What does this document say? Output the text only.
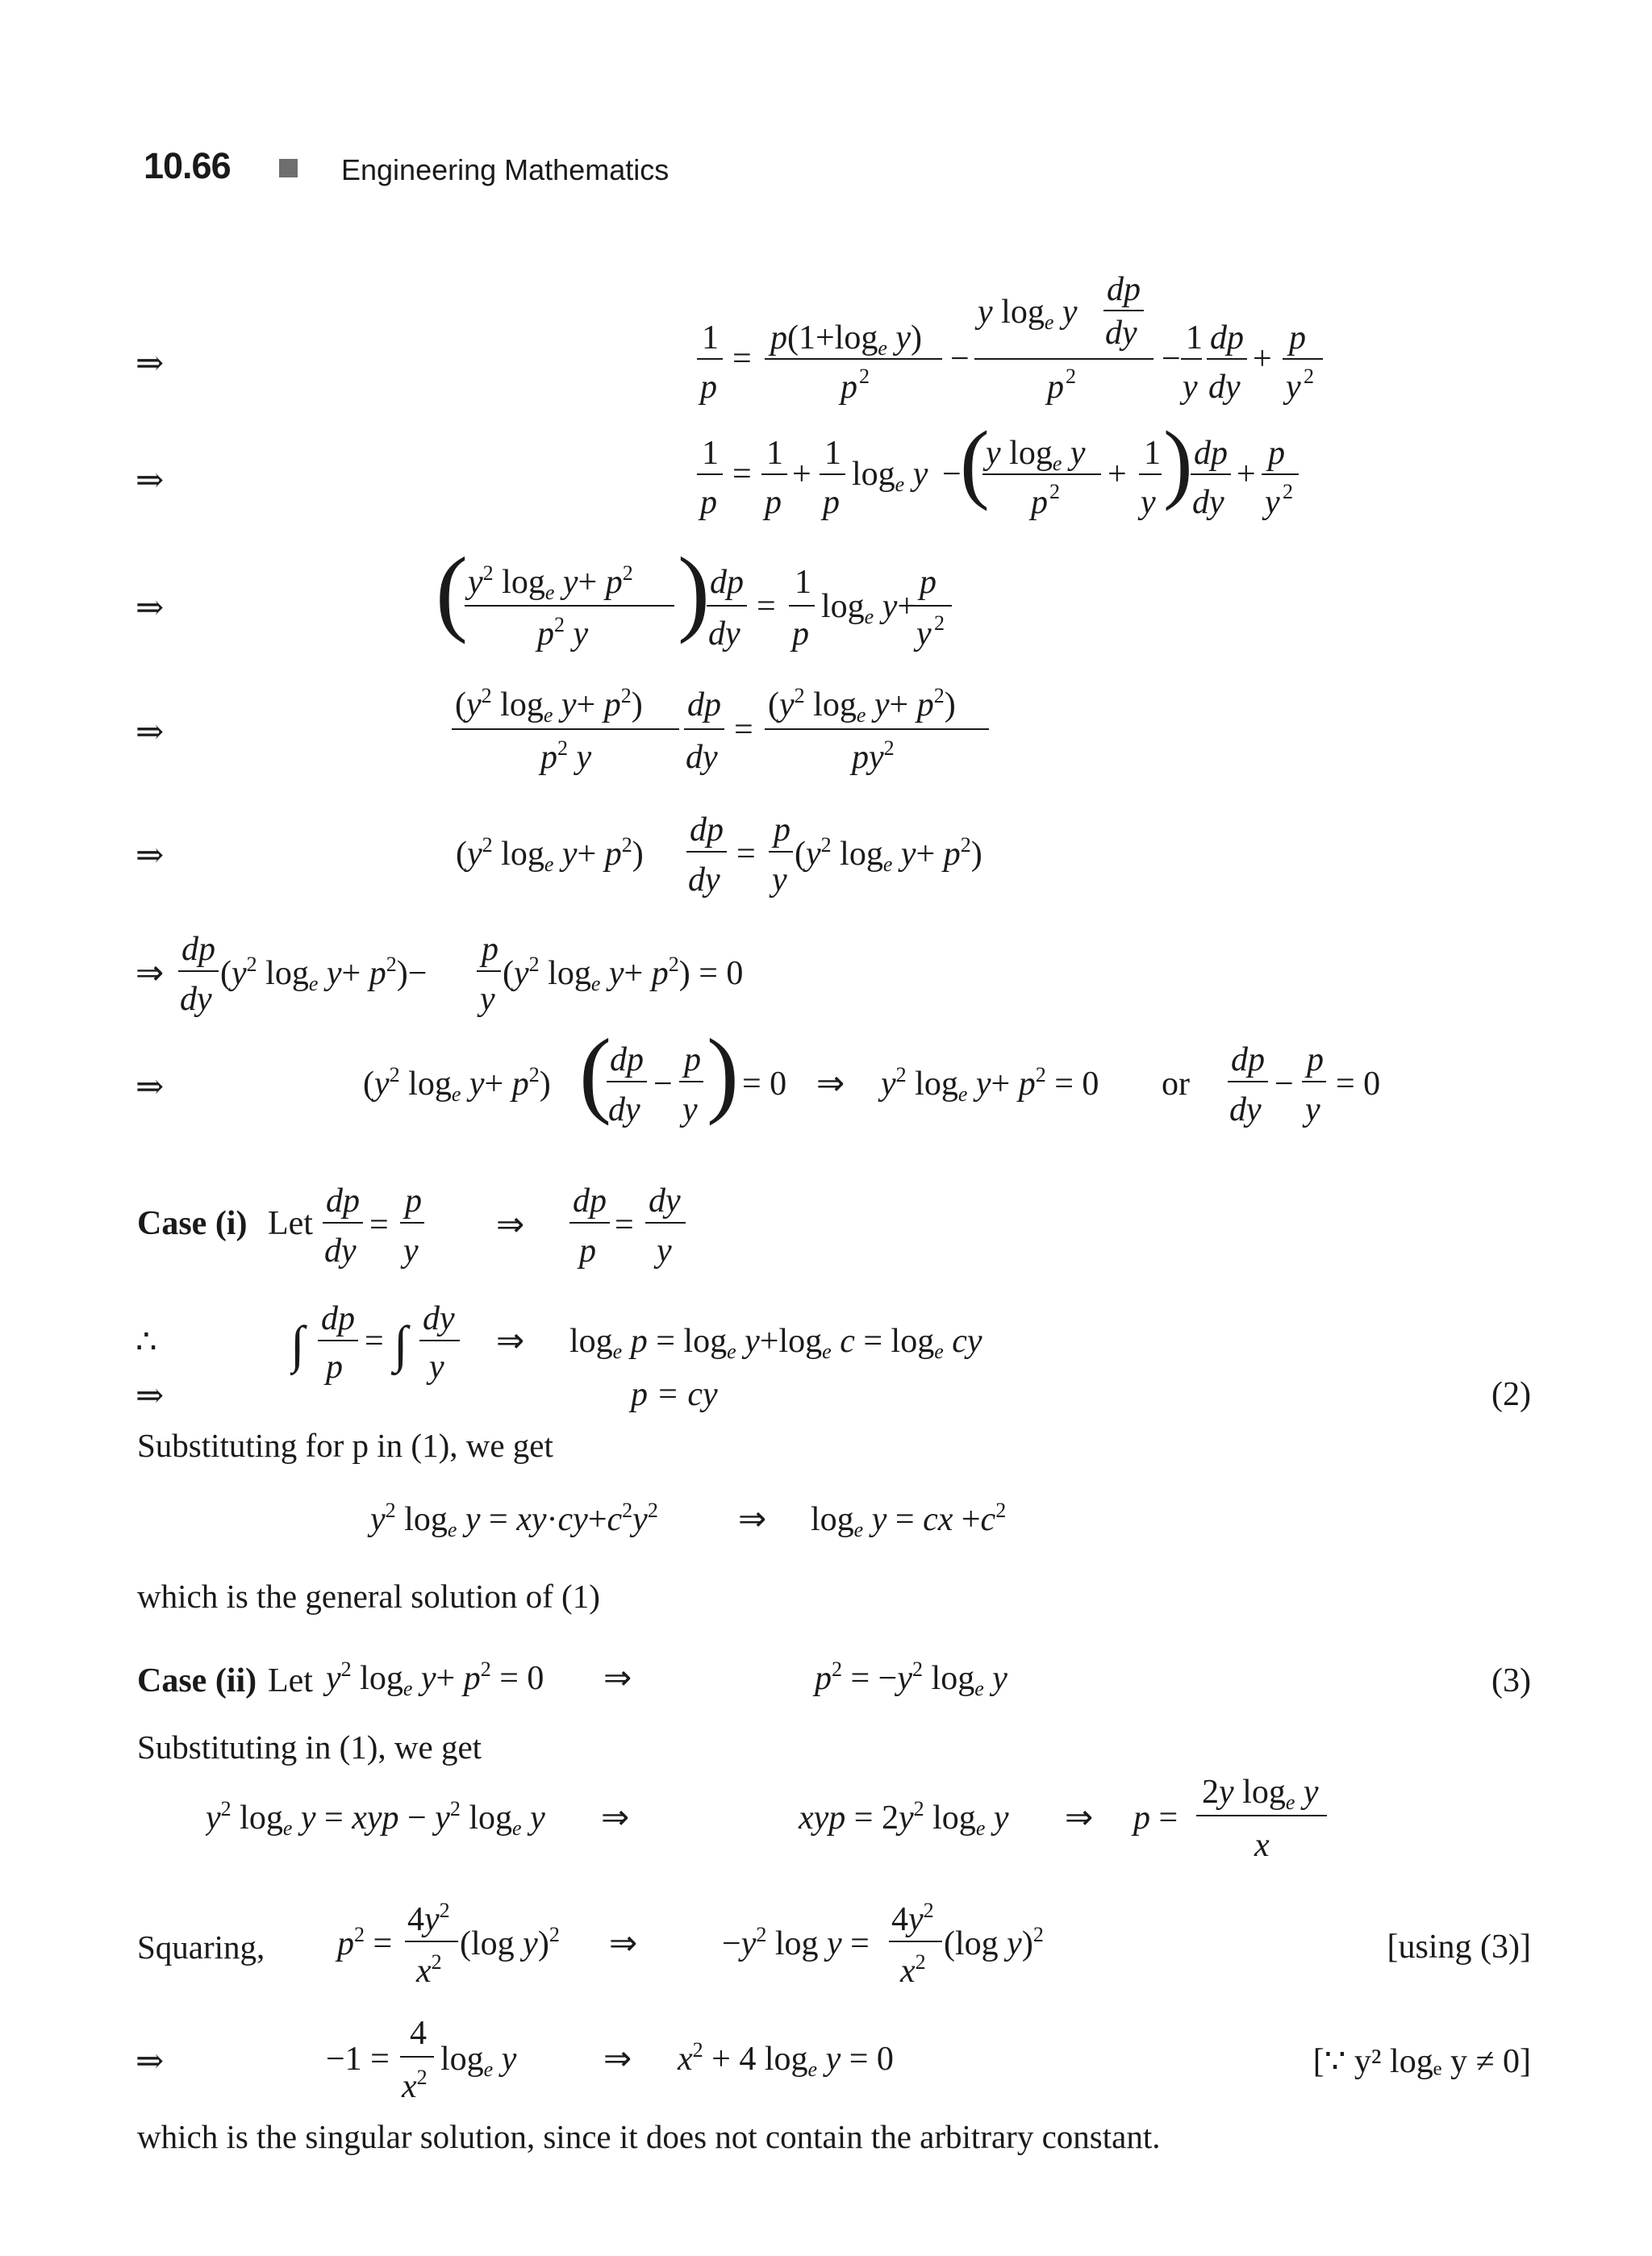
10.66	Engineering Mathematics
⇒
1
p
=
p(1+loge y)
p 2 −
y loge y
dp
dy
p 2	−
1
y
dp
dy
+
p
y 2
⇒
1
p
=
1
p
+
1
p
loge y −
(
y loge y
p 2 +
1
y ) dp
dy
+
p
y 2
⇒	( $y^2$ loge $y+ p^2$
$p^2$ y ) dp
dy
=
1
p
loge y+
p
y 2
⇒
($y^2$ loge $y+ p^2$)
$p^2$ y
dp
dy
=
($y^2$ loge $y+ p^2$)
$py^2$
⇒	($y^2$ loge $y+ p^2$)
dp
dy
=
p
y
($y^2$ loge $y+ p^2$)
⇒
dp
dy
($y^2$ loge $y+ p^2)-$
p
y
($y^2$ loge $y+ p^2) = 0$
⇒	($y^2$ loge $y+ p^2$) (
dp
dy
−
p
y ) = 0 ⇒ $y^2$ loge $y+ p^2 = 0$ or
dp
dy
−
p
y
= 0
Case (i) Let
dp
dy
=
p
y
⇒
dp
p
=
dy
y
∴	∫ dp
p
= ∫ dy
y
⇒ loge p = loge y+loge c = loge cy
⇒	p = cy	(2)
Substituting for p in (1), we get
$y^2$ loge $y = xy\cdot cy+c^2y^2$ ⇒ loge y = cx $+c^2$
which is the general solution of (1)
Case (ii) Let $y^2$ loge $y+ p^2 = 0$ ⇒	$p^2 = -y^2$ loge y	(3)
Substituting in (1), we get
$y^2$ loge y = xyp − $y^2$ loge y ⇒	xyp = $2y^2$ loge y ⇒ p =
2y loge y
x
Squaring, $p^2$ =
$4y^2$
$x^2$ (log y)$^2$ ⇒ $-y^2$ log y =
$4y^2$
$x^2$ (log y)$^2$	[using (3)]
⇒	−1 =
4
$x^2$ loge y	⇒ $x^2 + 4$ loge y = 0	[∵ y² logₑ y ≠ 0]
which is the singular solution, since it does not contain the arbitrary constant.
